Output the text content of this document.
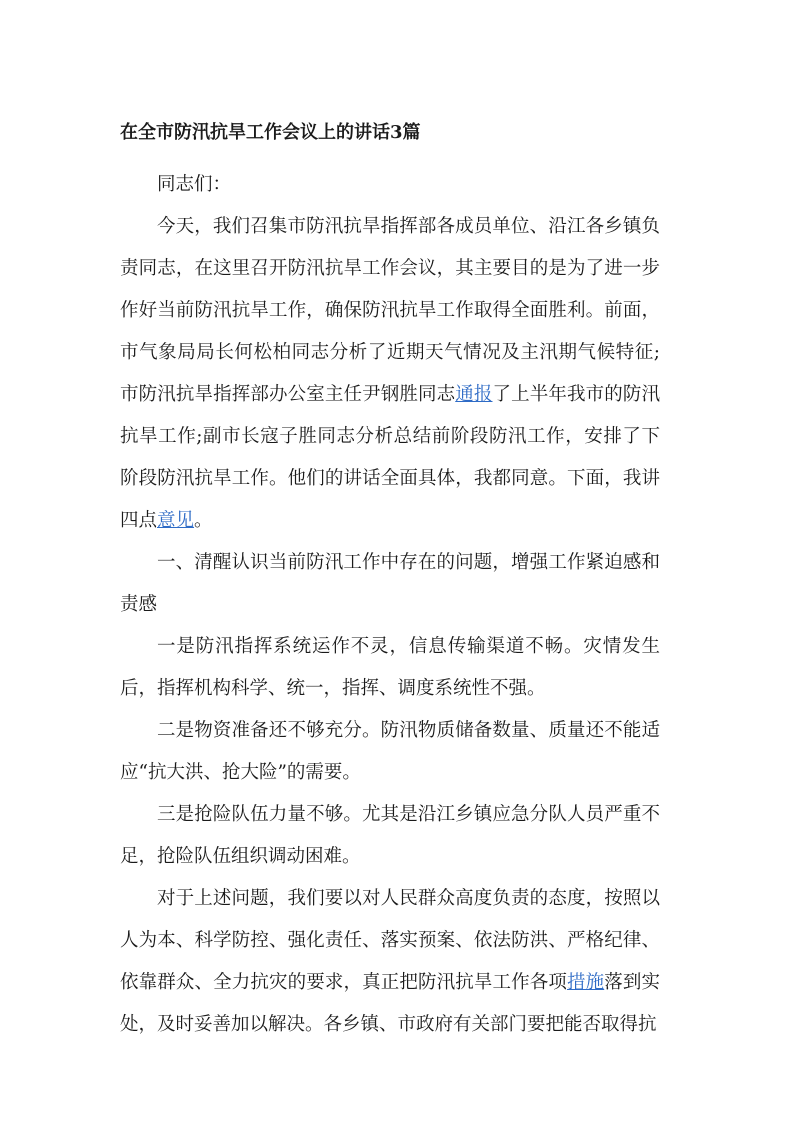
在全市防汛抗旱工作会议上的讲话3篇

同志们：

今天，我们召集市防汛抗旱指挥部各成员单位、沿江各乡镇负责同志，在这里召开防汛抗旱工作会议，其主要目的是为了进一步作好当前防汛抗旱工作，确保防汛抗旱工作取得全面胜利。前面，市气象局局长何松柏同志分析了近期天气情况及主汛期气候特征;市防汛抗旱指挥部办公室主任尹钢胜同志通报了上半年我市的防汛抗旱工作;副市长寇子胜同志分析总结前阶段防汛工作，安排了下阶段防汛抗旱工作。他们的讲话全面具体，我都同意。下面，我讲四点意见。

一、清醒认识当前防汛工作中存在的问题，增强工作紧迫感和责感

一是防汛指挥系统运作不灵，信息传输渠道不畅。灾情发生后，指挥机构科学、统一，指挥、调度系统性不强。

二是物资准备还不够充分。防汛物质储备数量、质量还不能适应“抗大洪、抢大险”的需要。

三是抢险队伍力量不够。尤其是沿江乡镇应急分队人员严重不足，抢险队伍组织调动困难。

对于上述问题，我们要以对人民群众高度负责的态度，按照以人为本、科学防控、强化责任、落实预案、依法防洪、严格纪律、依靠群众、全力抗灾的要求，真正把防汛抗旱工作各项措施落到实处，及时妥善加以解决。各乡镇、市政府有关部门要把能否取得抗
